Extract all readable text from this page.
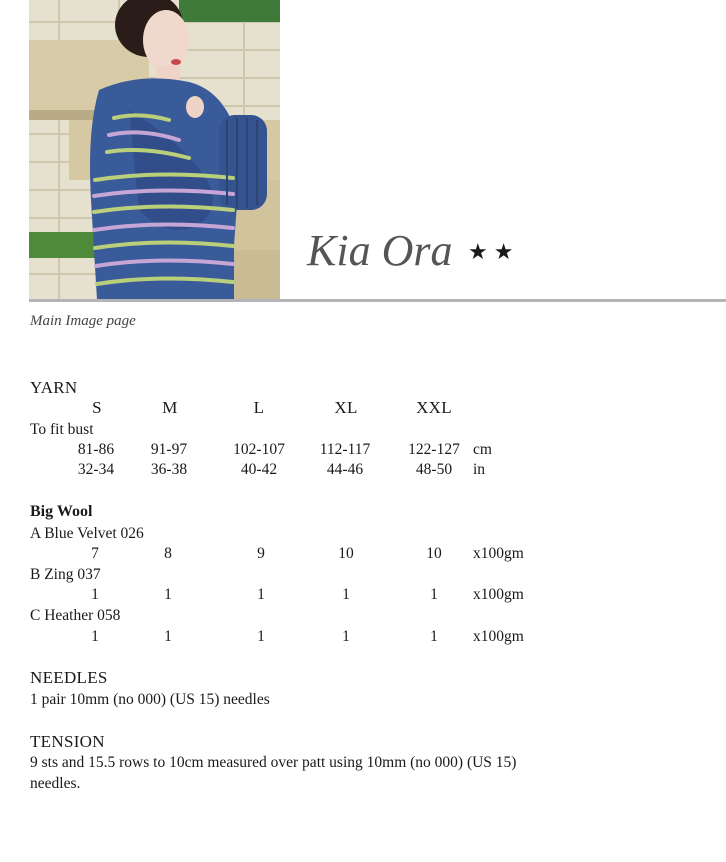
Kia Ora ★★
Main Image page
YARN
S	M	L	XL	XXL
To fit bust
81-86 91-97	102-107 112-117 122-127 cm
32-34 36-38	40-42	44-46	48-50 in
Big Wool
A Blue Velvet 026
7	8	9	10	10 x100gm
B Zing 037
1	1	1	1	1 x100gm
C Heather 058
1	1	1	1	1 x100gm
NEEDLES
1 pair 10mm (no 000) (US 15) needles
TENSION
9 sts and 15.5 rows to 10cm measured over patt using 10mm (no 000) (US 15)
needles.
